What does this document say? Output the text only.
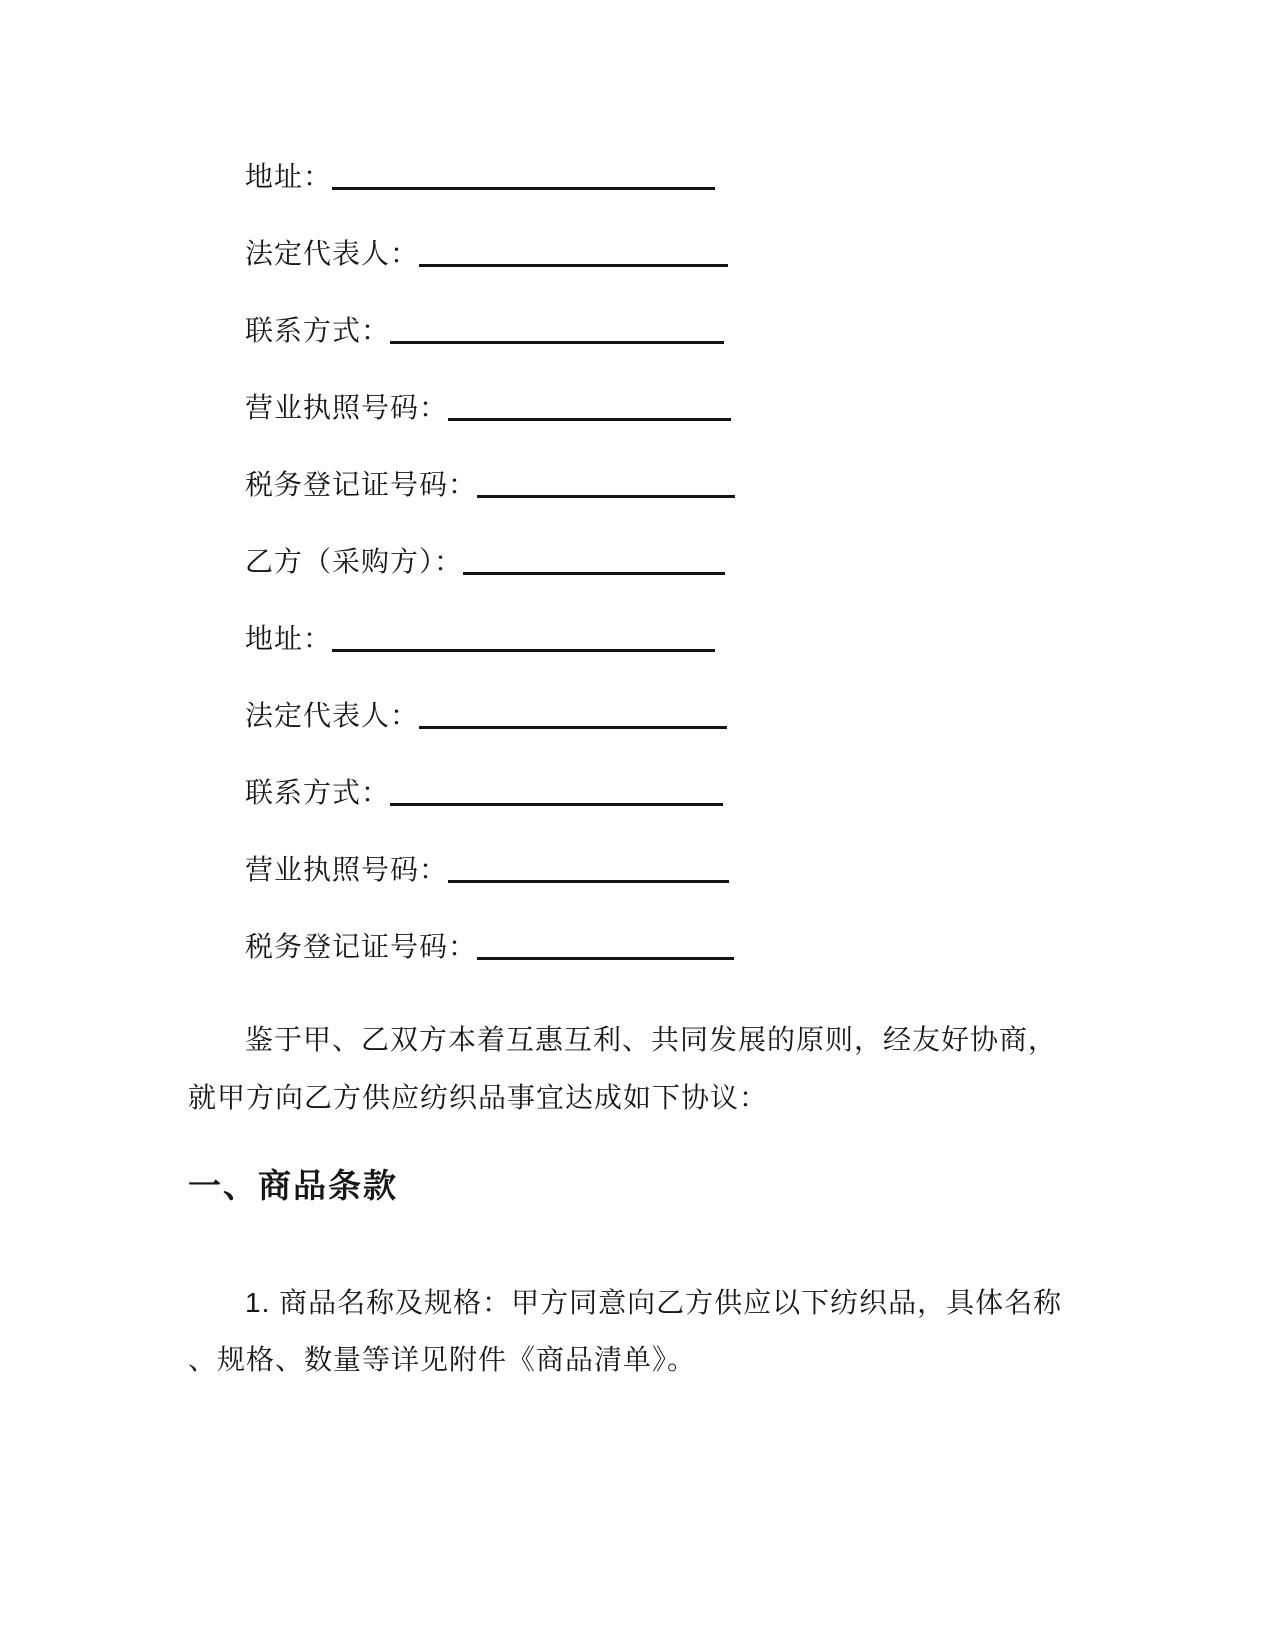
地址：
法定代表人：
联系方式：
营业执照号码：
税务登记证号码：
乙方（采购方）：
地址：
法定代表人：
联系方式：
营业执照号码：
税务登记证号码：
鉴于甲、乙双方本着互惠互利、共同发展的原则，经友好协商，
就甲方向乙方供应纺织品事宜达成如下协议：
一、商品条款
1. 商品名称及规格：甲方同意向乙方供应以下纺织品，具体名称
、规格、数量等详见附件《商品清单》。
